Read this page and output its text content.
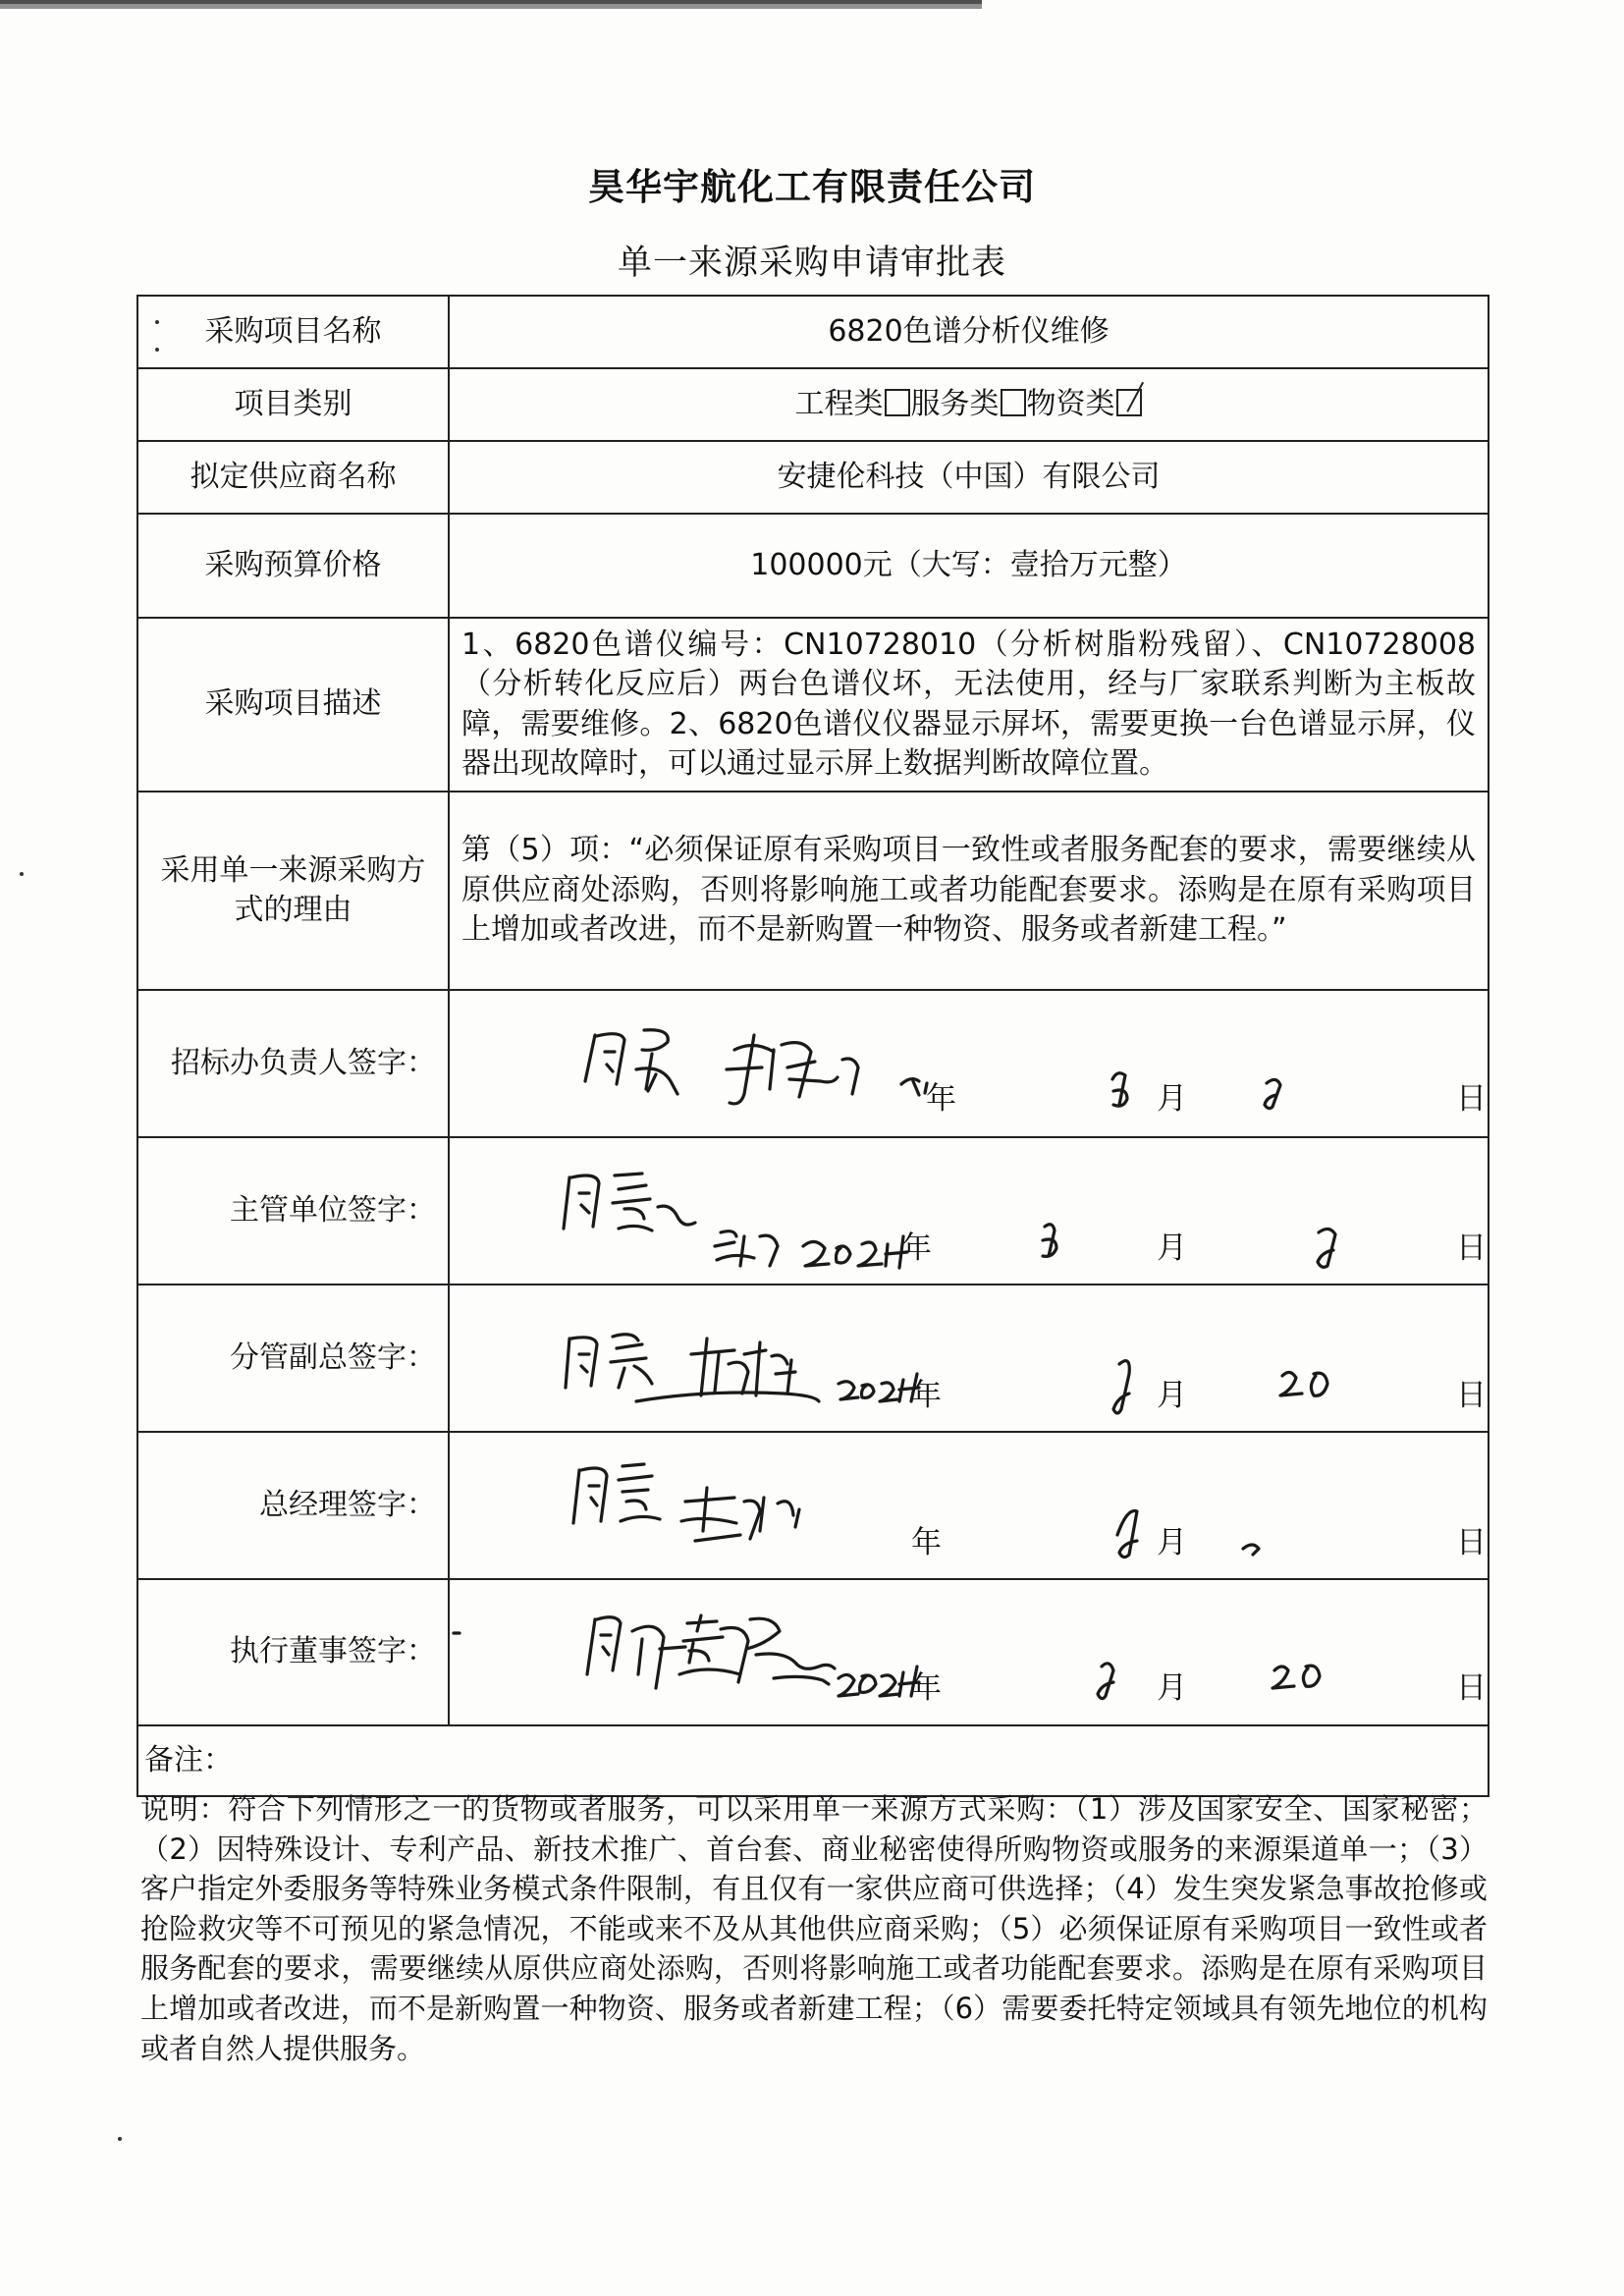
昊华宇航化工有限责任公司
单一来源采购申请审批表
采购项目名称	6820色谱分析仪维修
项目类别	工程类 服务类 物资类
拟定供应商名称	安捷伦科技（中国）有限公司
采购预算价格	100000元（大写：壹拾万元整）
采购项目描述	1、6820色谱仪编号：CN10728010（分析树脂粉残留）、CN10728008（分析转化反应后）两台色谱仪坏，无法使用，经与厂家联系判断为主板故障，需要维修。2、6820色谱仪仪器显示屏坏，需要更换一台色谱显示屏，仪器出现故障时，可以通过显示屏上数据判断故障位置。
采用单一来源采购方式的理由	第（5）项：“必须保证原有采购项目一致性或者服务配套的要求，需要继续从原供应商处添购，否则将影响施工或者功能配套要求。添购是在原有采购项目上增加或者改进，而不是新购置一种物资、服务或者新建工程。”
招标办负责人签字：	年 月 日

主管单位签字：	年 月 日

分管副总签字：	年 月 日

总经理签字：	年 月 日

执行董事签字：	年 月 日

备注：	
说明：符合下列情形之一的货物或者服务，可以采用单一来源方式采购：（1）涉及国家安全、国家秘密；（2）因特殊设计、专利产品、新技术推广、首台套、商业秘密使得所购物资或服务的来源渠道单一；（3）客户指定外委服务等特殊业务模式条件限制，有且仅有一家供应商可供选择；（4）发生突发紧急事故抢修或抢险救灾等不可预见的紧急情况，不能或来不及从其他供应商采购；（5）必须保证原有采购项目一致性或者服务配套的要求，需要继续从原供应商处添购，否则将影响施工或者功能配套要求。添购是在原有采购项目上增加或者改进，而不是新购置一种物资、服务或者新建工程；（6）需要委托特定领域具有领先地位的机构或者自然人提供服务。
